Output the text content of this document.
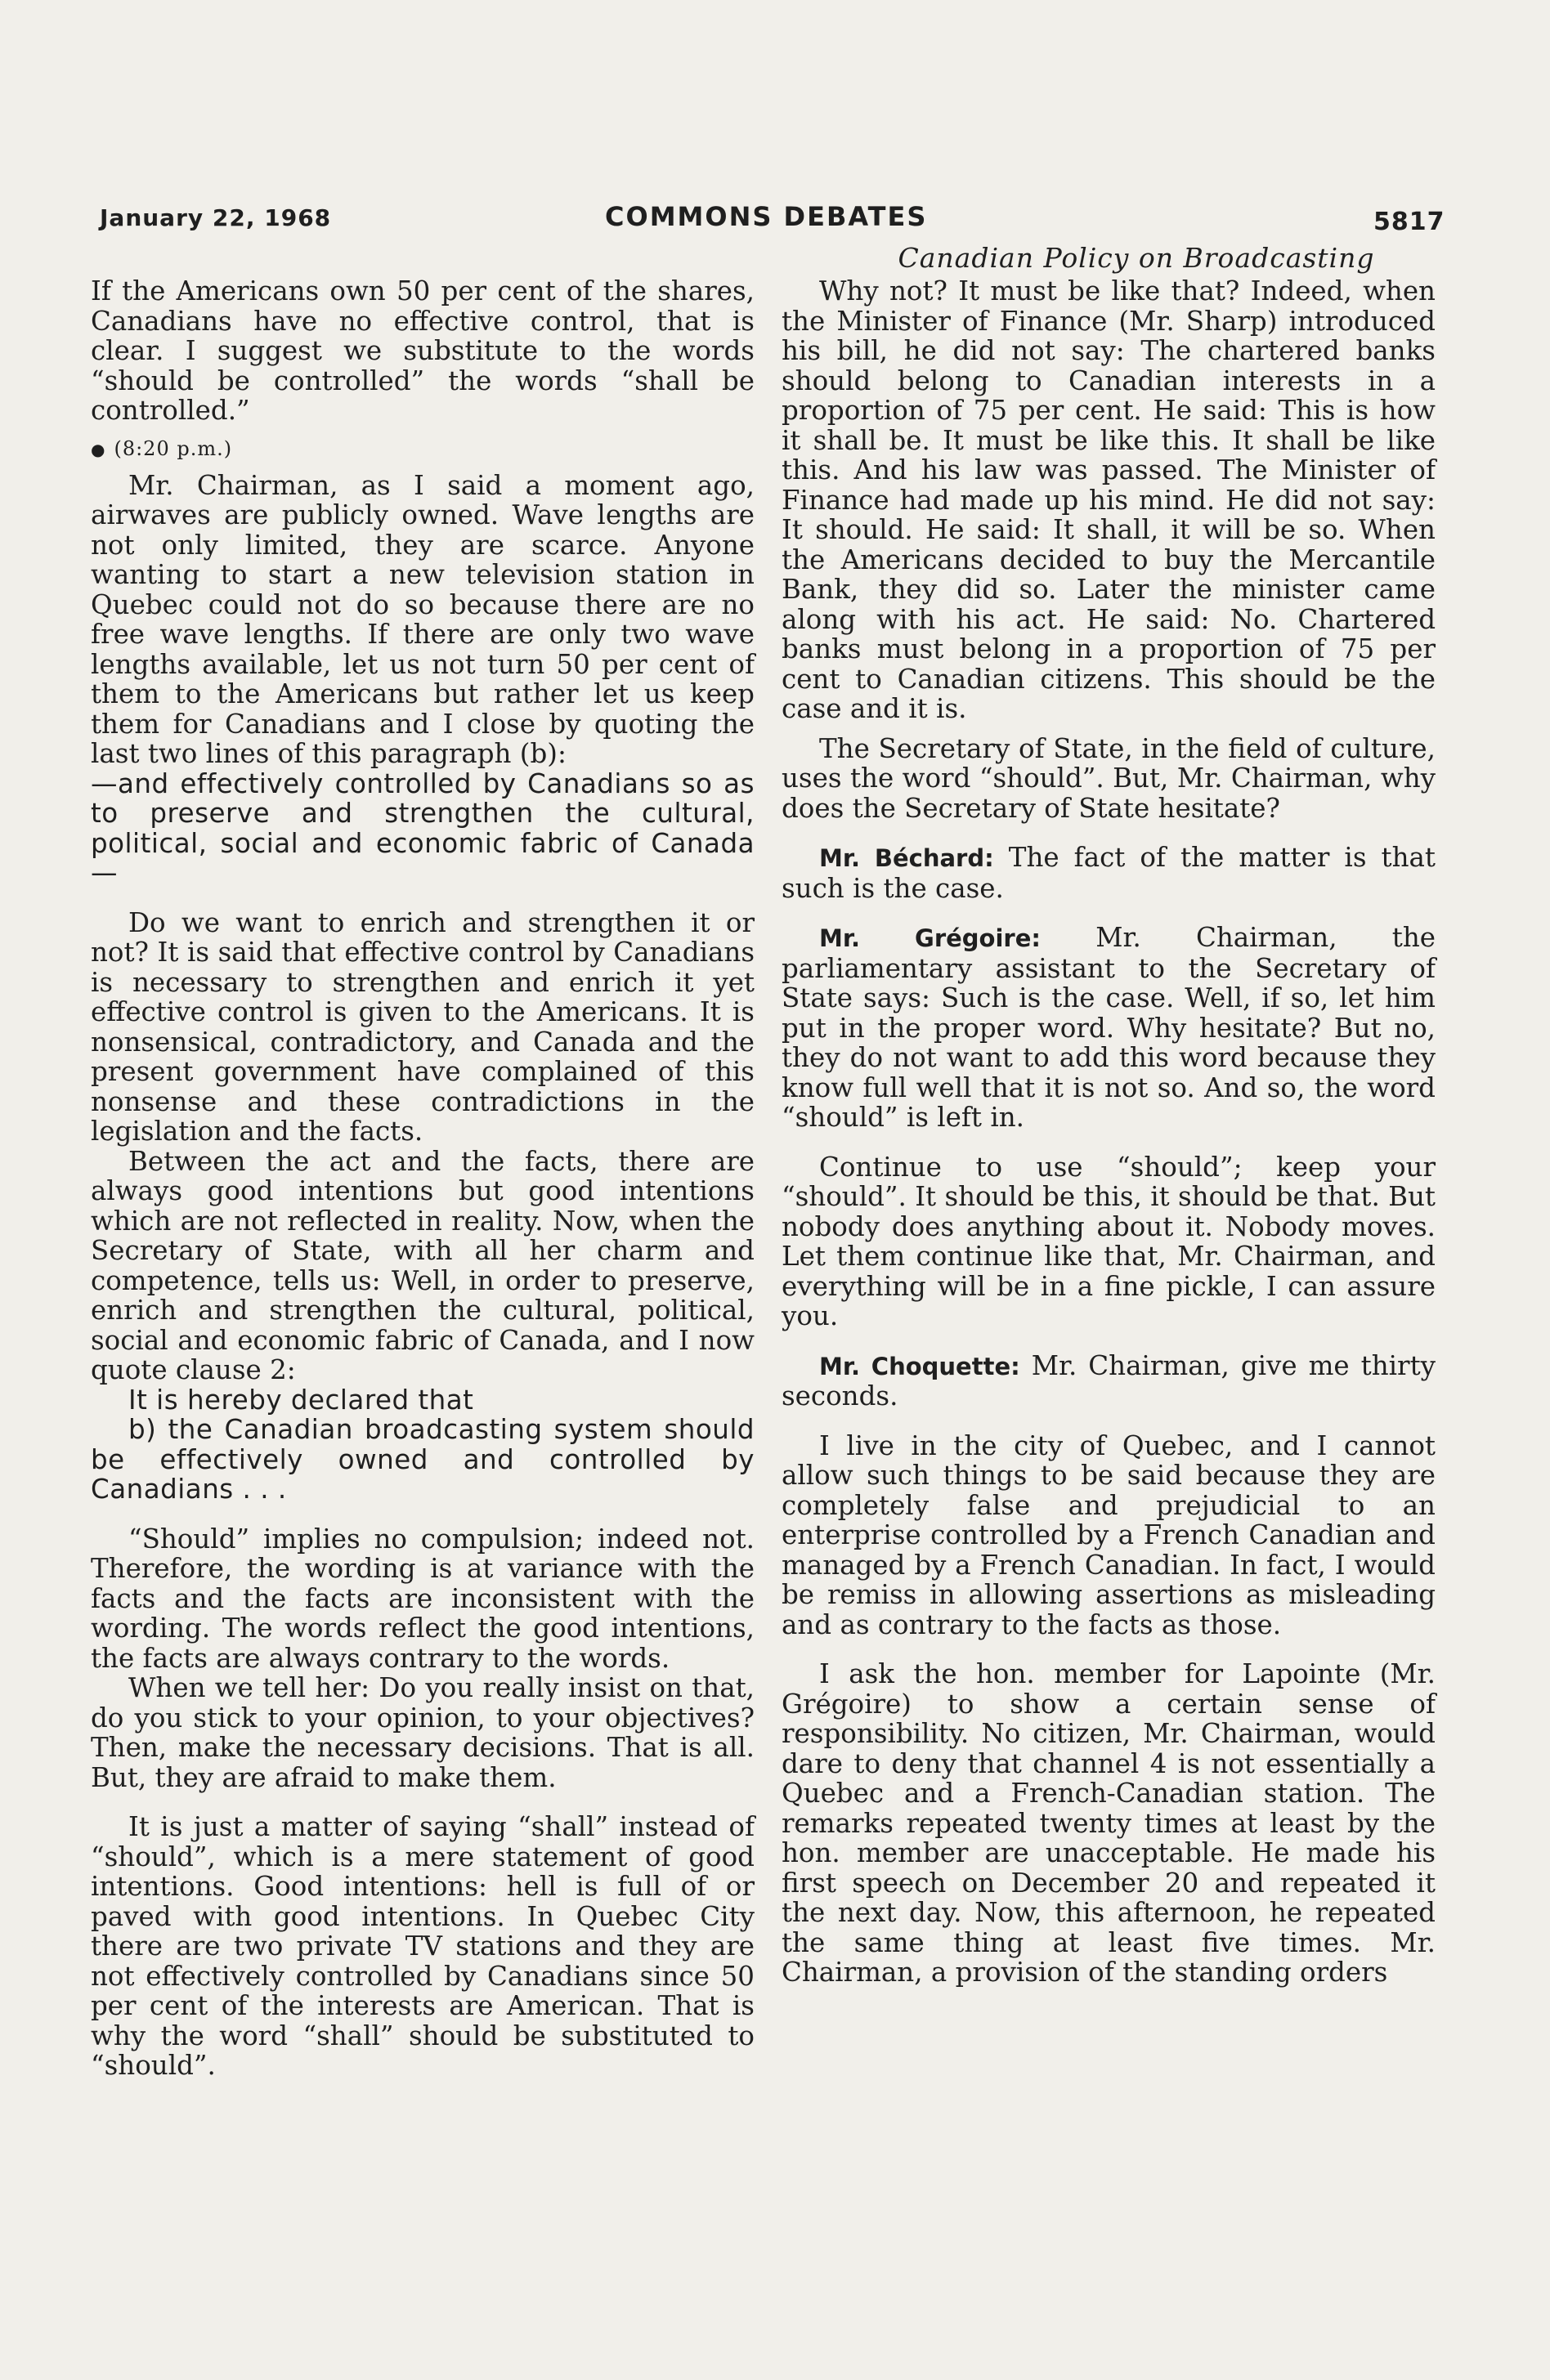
January 22, 1968	COMMONS DEBATES	5817
Canadian Policy on Broadcasting

If the Americans own 50 per cent of the shares, Canadians have no effective control, that is clear. I suggest we substitute to the words “should be controlled” the words “shall be controlled.”

● (8:20 p.m.)

Mr. Chairman, as I said a moment ago, airwaves are publicly owned. Wave lengths are not only limited, they are scarce. Anyone wanting to start a new television station in Quebec could not do so because there are no free wave lengths. If there are only two wave lengths available, let us not turn 50 per cent of them to the Americans but rather let us keep them for Canadians and I close by quoting the last two lines of this paragraph (b):

—and effectively controlled by Canadians so as to preserve and strengthen the cultural, political, social and economic fabric of Canada—

Do we want to enrich and strengthen it or not? It is said that effective control by Canadians is necessary to strengthen and enrich it yet effective control is given to the Americans. It is nonsensical, contradictory, and Canada and the present government have complained of this nonsense and these contradictions in the legislation and the facts.

Between the act and the facts, there are always good intentions but good intentions which are not reflected in reality. Now, when the Secretary of State, with all her charm and competence, tells us: Well, in order to preserve, enrich and strengthen the cultural, political, social and economic fabric of Canada, and I now quote clause 2:

It is hereby declared that

b) the Canadian broadcasting system should be effectively owned and controlled by Canadians . . .

“Should” implies no compulsion; indeed not. Therefore, the wording is at variance with the facts and the facts are inconsistent with the wording. The words reflect the good intentions, the facts are always contrary to the words.

When we tell her: Do you really insist on that, do you stick to your opinion, to your objectives? Then, make the necessary decisions. That is all. But, they are afraid to make them.

It is just a matter of saying “shall” instead of “should”, which is a mere statement of good intentions. Good intentions: hell is full of or paved with good intentions. In Quebec City there are two private TV stations and they are not effectively controlled by Canadians since 50 per cent of the interests are American. That is why the word “shall” should be substituted to “should”.

Why not? It must be like that? Indeed, when the Minister of Finance (Mr. Sharp) introduced his bill, he did not say: The chartered banks should belong to Canadian interests in a proportion of 75 per cent. He said: This is how it shall be. It must be like this. It shall be like this. And his law was passed. The Minister of Finance had made up his mind. He did not say: It should. He said: It shall, it will be so. When the Americans decided to buy the Mercantile Bank, they did so. Later the minister came along with his act. He said: No. Chartered banks must belong in a proportion of 75 per cent to Canadian citizens. This should be the case and it is.

The Secretary of State, in the field of culture, uses the word “should”. But, Mr. Chairman, why does the Secretary of State hesitate?

Mr. Béchard: The fact of the matter is that such is the case.

Mr. Grégoire: Mr. Chairman, the parliamentary assistant to the Secretary of State says: Such is the case. Well, if so, let him put in the proper word. Why hesitate? But no, they do not want to add this word because they know full well that it is not so. And so, the word “should” is left in.

Continue to use “should”; keep your “should”. It should be this, it should be that. But nobody does anything about it. Nobody moves. Let them continue like that, Mr. Chairman, and everything will be in a fine pickle, I can assure you.

Mr. Choquette: Mr. Chairman, give me thirty seconds.

I live in the city of Quebec, and I cannot allow such things to be said because they are completely false and prejudicial to an enterprise controlled by a French Canadian and managed by a French Canadian. In fact, I would be remiss in allowing assertions as misleading and as contrary to the facts as those.

I ask the hon. member for Lapointe (Mr. Grégoire) to show a certain sense of responsibility. No citizen, Mr. Chairman, would dare to deny that channel 4 is not essentially a Quebec and a French-Canadian station. The remarks repeated twenty times at least by the hon. member are unacceptable. He made his first speech on December 20 and repeated it the next day. Now, this afternoon, he repeated the same thing at least five times. Mr. Chairman, a provision of the standing orders
